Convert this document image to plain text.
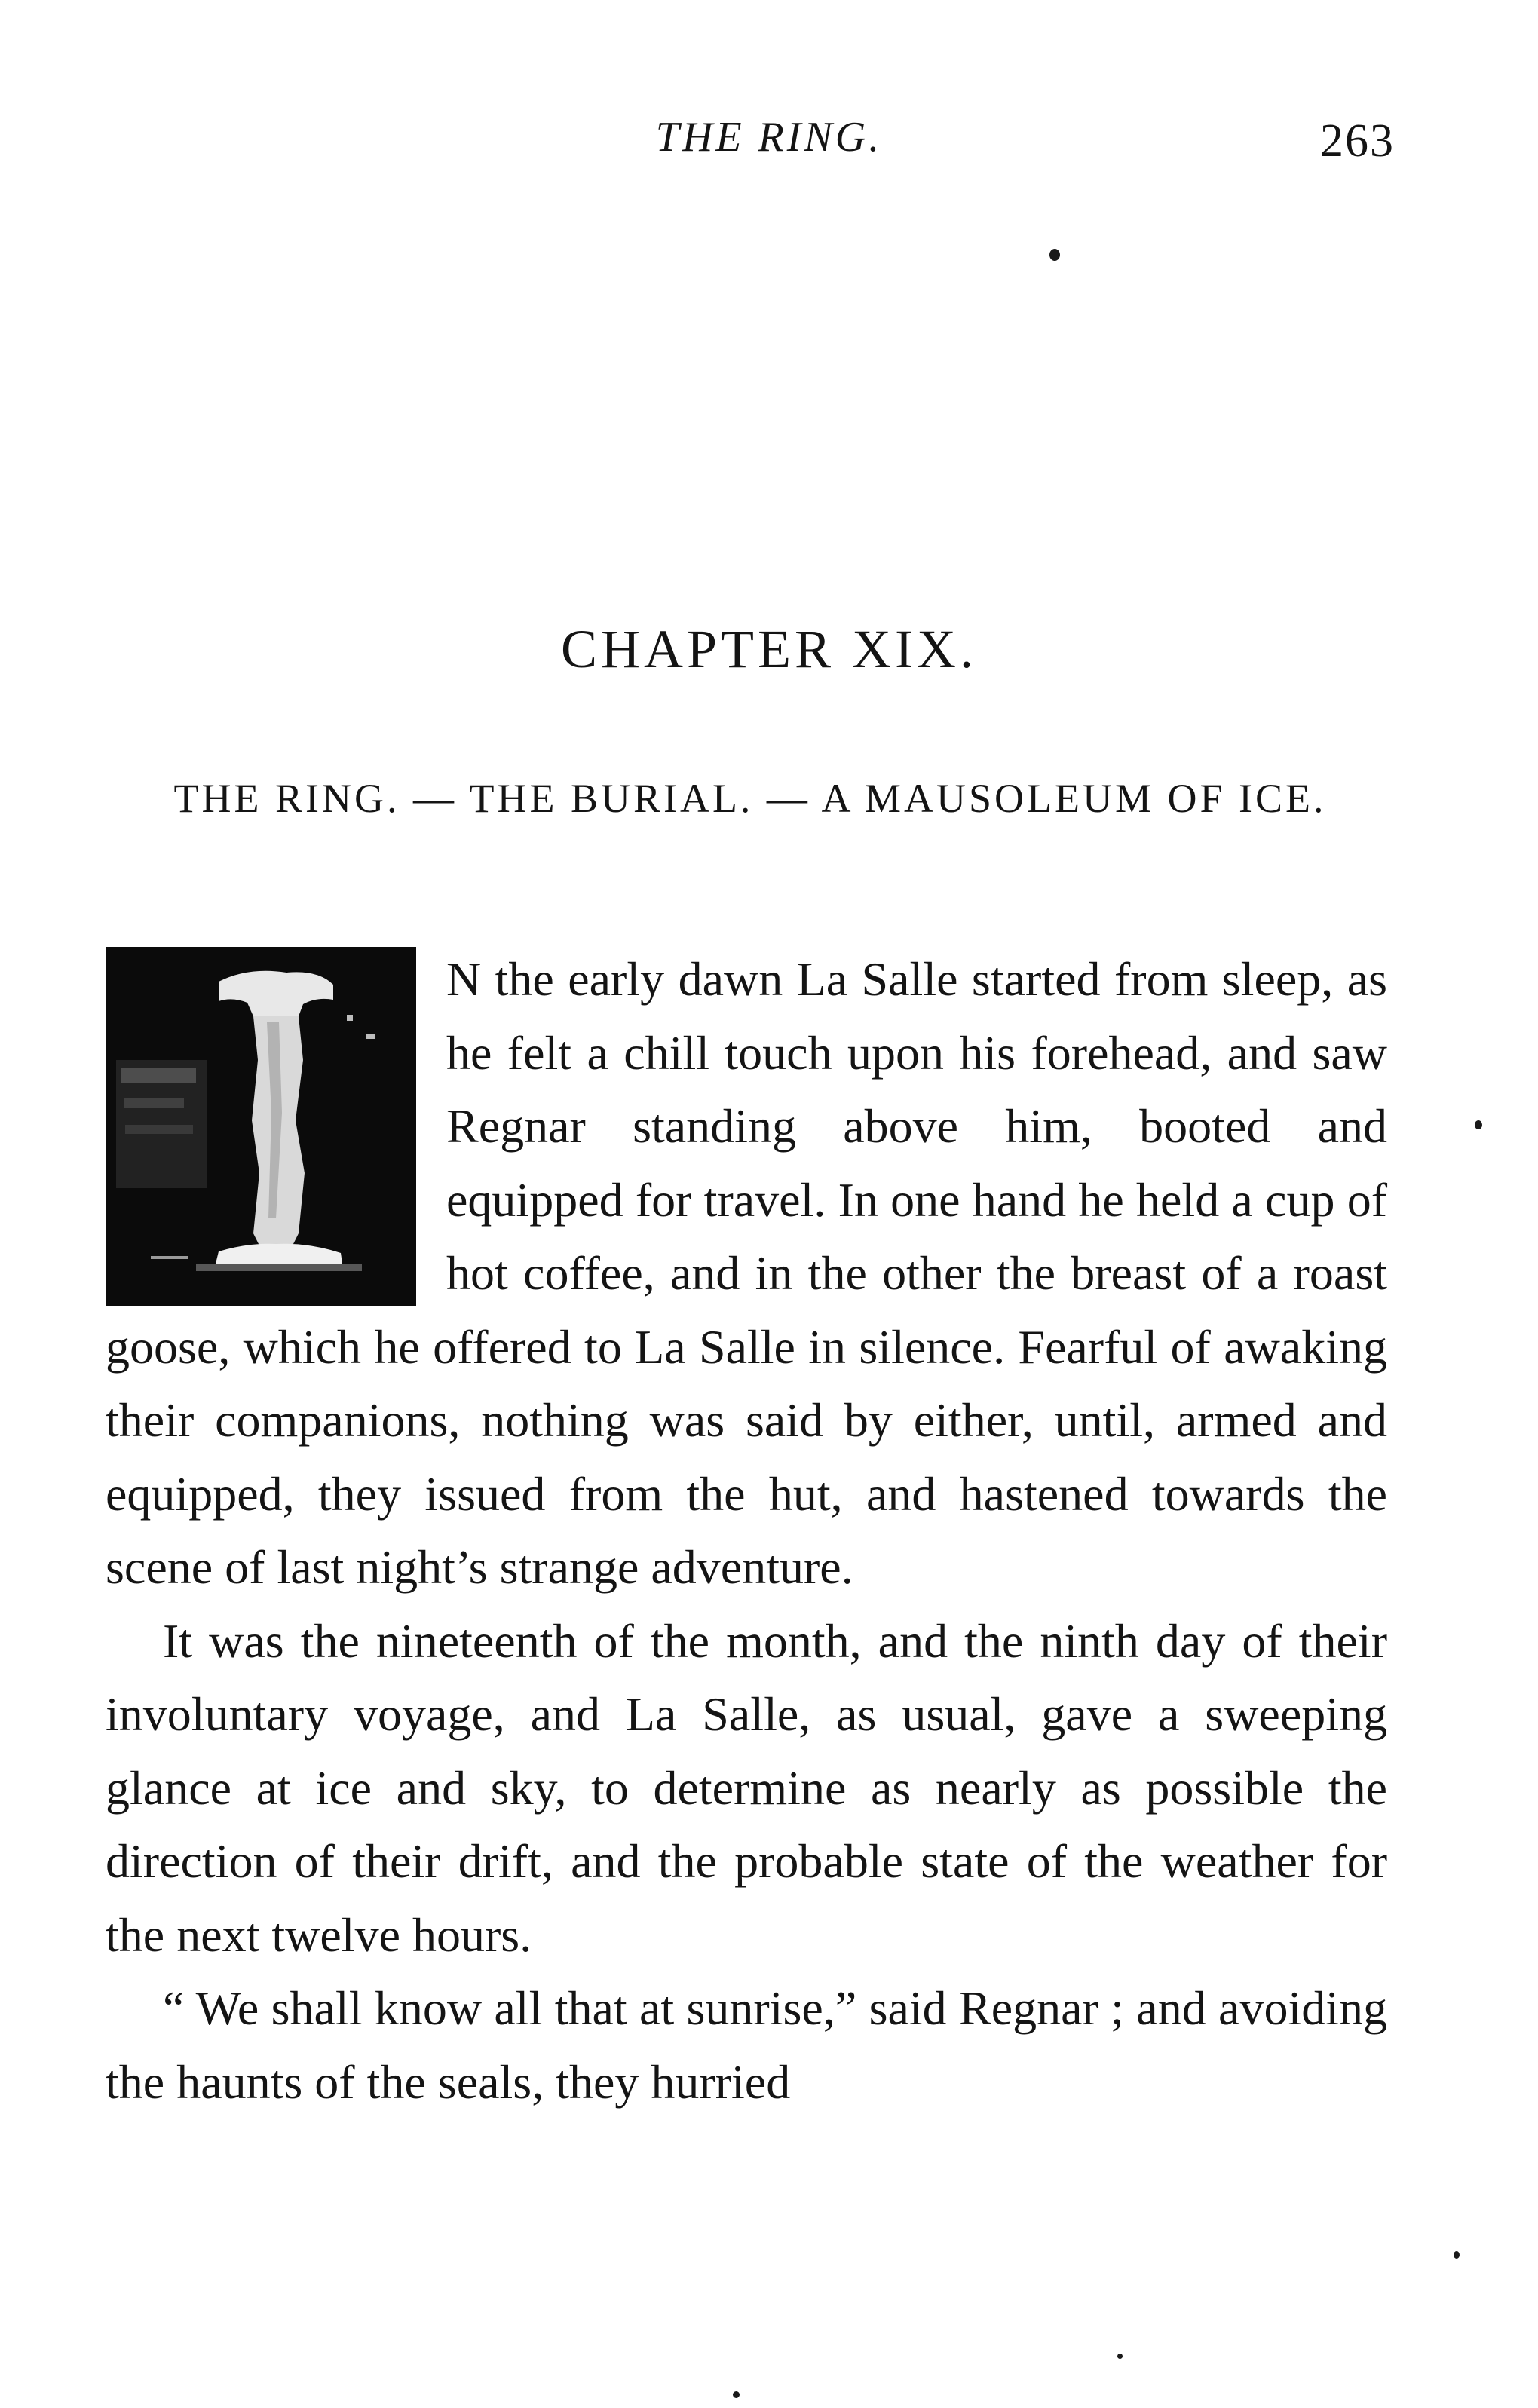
THE RING.	263
CHAPTER XIX.
THE RING. — THE BURIAL. — A MAUSOLEUM OF ICE.

N the early dawn La Salle started from sleep, as he felt a chill touch upon his forehead, and saw Regnar standing above him, booted and equipped for travel. In one hand he held a cup of hot coffee, and in the other the breast of a roast goose, which he offered to La Salle in silence. Fearful of awaking their companions, nothing was said by either, until, armed and equipped, they issued from the hut, and hastened towards the scene of last night’s strange adventure.

It was the nineteenth of the month, and the ninth day of their involuntary voyage, and La Salle, as usual, gave a sweeping glance at ice and sky, to determine as nearly as possible the direction of their drift, and the probable state of the weather for the next twelve hours.

“ We shall know all that at sunrise,” said Regnar ; and avoiding the haunts of the seals, they hurried
